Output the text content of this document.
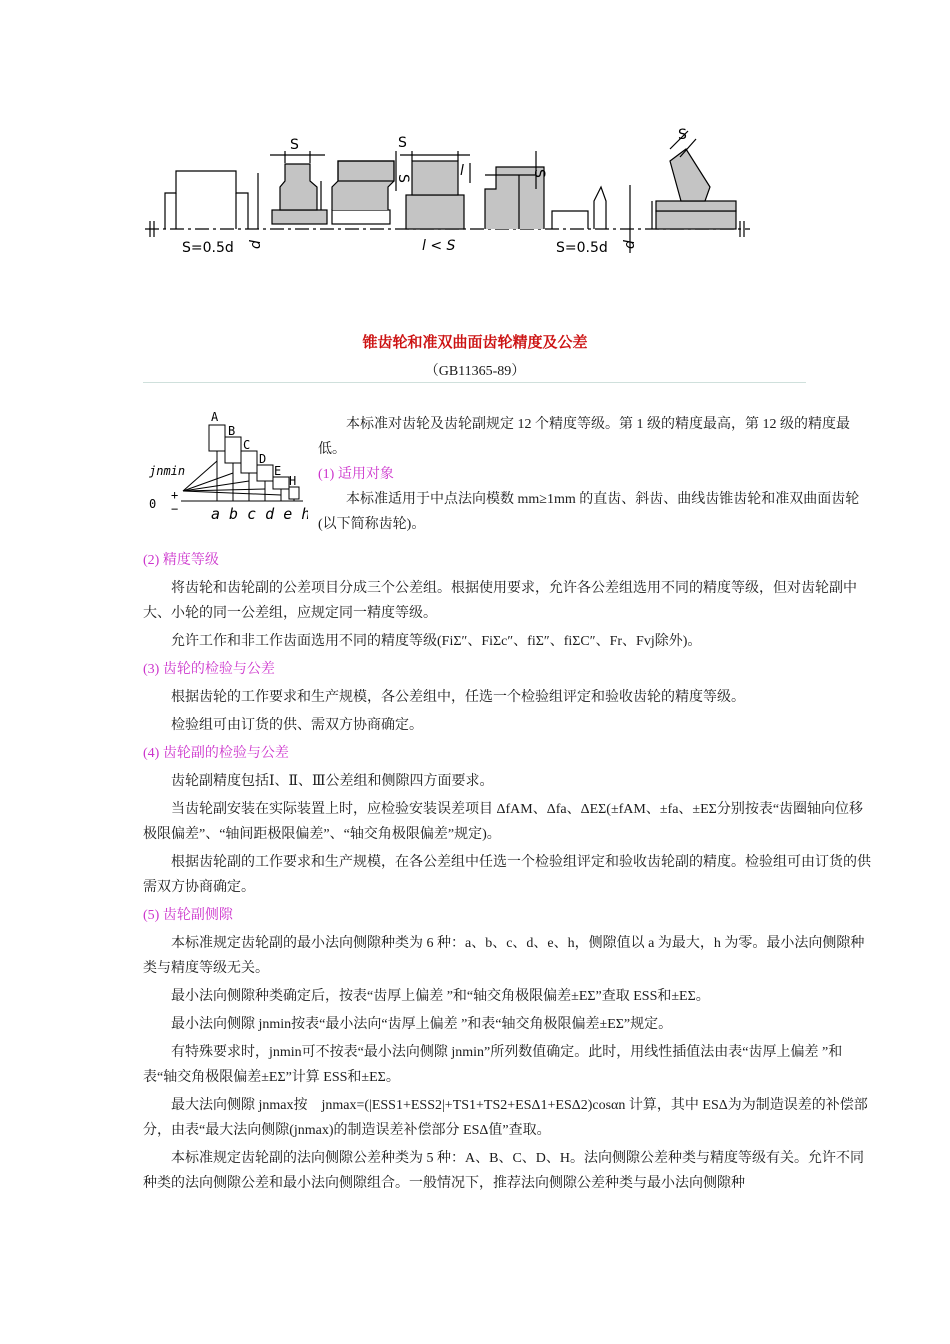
S	S
S
S
S
l
S=0.5d d	l < S	S=0.5d d
锥齿轮和准双曲面齿轮精度及公差
（GB11365-89）
jnmin
0
+
−
A
B
C
D
E
H
a b c d e h

本标准对齿轮及齿轮副规定 12 个精度等级。第 1 级的精度最高，第 12 级的精度最低。

(1) 适用对象

本标准适用于中点法向模数 mm≥1mm 的直齿、斜齿、曲线齿锥齿轮和准双曲面齿轮(以下简称齿轮)。

(2) 精度等级

将齿轮和齿轮副的公差项目分成三个公差组。根据使用要求，允许各公差组选用不同的精度等级，但对齿轮副中大、小轮的同一公差组，应规定同一精度等级。

允许工作和非工作齿面选用不同的精度等级(FiΣ″、FiΣc″、fiΣ″、fiΣC″、Fr、Fvj除外)。

(3) 齿轮的检验与公差

根据齿轮的工作要求和生产规模，各公差组中，任选一个检验组评定和验收齿轮的精度等级。

检验组可由订货的供、需双方协商确定。

(4) 齿轮副的检验与公差

齿轮副精度包括Ⅰ、Ⅱ、Ⅲ公差组和侧隙四方面要求。

当齿轮副安装在实际装置上时，应检验安装误差项目 ΔfAM、Δfa、ΔEΣ(±fAM、±fa、±EΣ分别按表“齿圈轴向位移极限偏差”、“轴间距极限偏差”、“轴交角极限偏差”规定)。

根据齿轮副的工作要求和生产规模，在各公差组中任选一个检验组评定和验收齿轮副的精度。检验组可由订货的供需双方协商确定。

(5) 齿轮副侧隙

本标准规定齿轮副的最小法向侧隙种类为 6 种：a、b、c、d、e、h，侧隙值以 a 为最大，h 为零。最小法向侧隙种类与精度等级无关。

最小法向侧隙种类确定后，按表“齿厚上偏差 ”和“轴交角极限偏差±EΣ”查取 ESS和±EΣ。

最小法向侧隙 jnmin按表“最小法向“齿厚上偏差 ”和表“轴交角极限偏差±EΣ”规定。

有特殊要求时，jnmin可不按表“最小法向侧隙 jnmin”所列数值确定。此时，用线性插值法由表“齿厚上偏差 ”和表“轴交角极限偏差±EΣ”计算 ESS和±EΣ。

最大法向侧隙 jnmax按　jnmax=(|ESS1+ESS2|+TS1+TS2+ESΔ1+ESΔ2)cosαn 计算，其中 ESΔ为为制造误差的补偿部分，由表“最大法向侧隙(jnmax)的制造误差补偿部分 ESΔ值”查取。

本标准规定齿轮副的法向侧隙公差种类为 5 种：A、B、C、D、H。法向侧隙公差种类与精度等级有关。允许不同种类的法向侧隙公差和最小法向侧隙组合。一般情况下，推荐法向侧隙公差种类与最小法向侧隙种
